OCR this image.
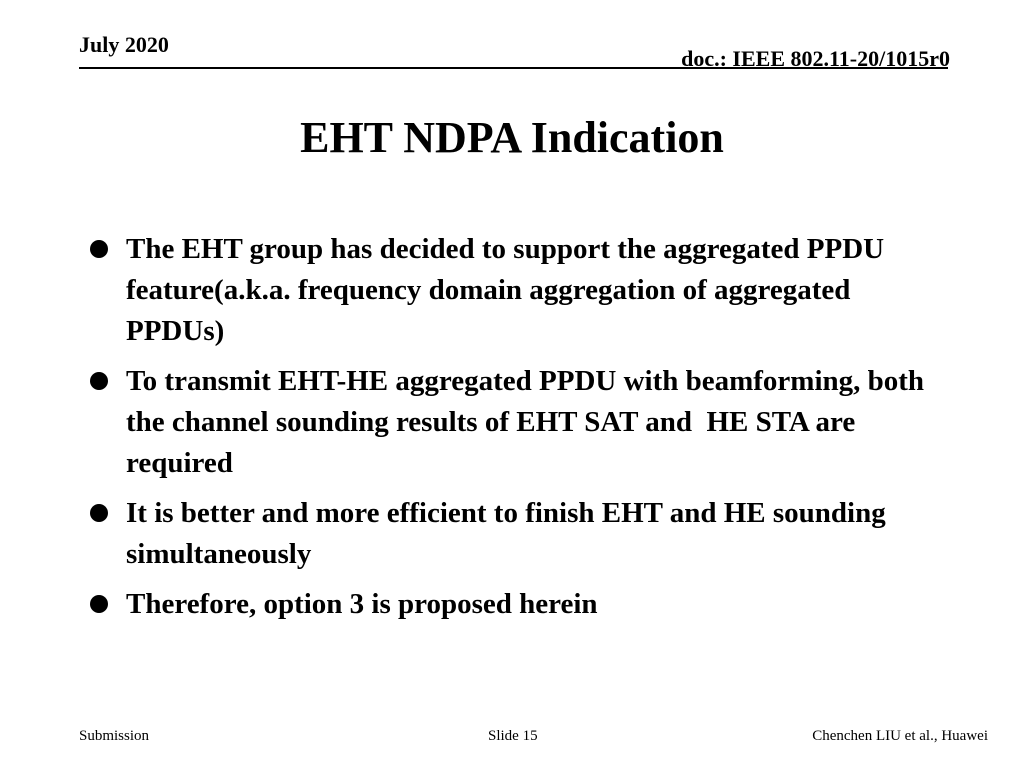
July 2020
doc.: IEEE 802.11-20/1015r0
EHT NDPA Indication
The EHT group has decided to support the aggregated PPDU feature(a.k.a. frequency domain aggregation of aggregated PPDUs)
To transmit EHT-HE aggregated PPDU with beamforming, both the channel sounding results of EHT SAT and  HE STA are required
It is better and more efficient to finish EHT and HE sounding simultaneously
Therefore, option 3 is proposed herein
Submission	Slide 15	Chenchen LIU et al., Huawei
